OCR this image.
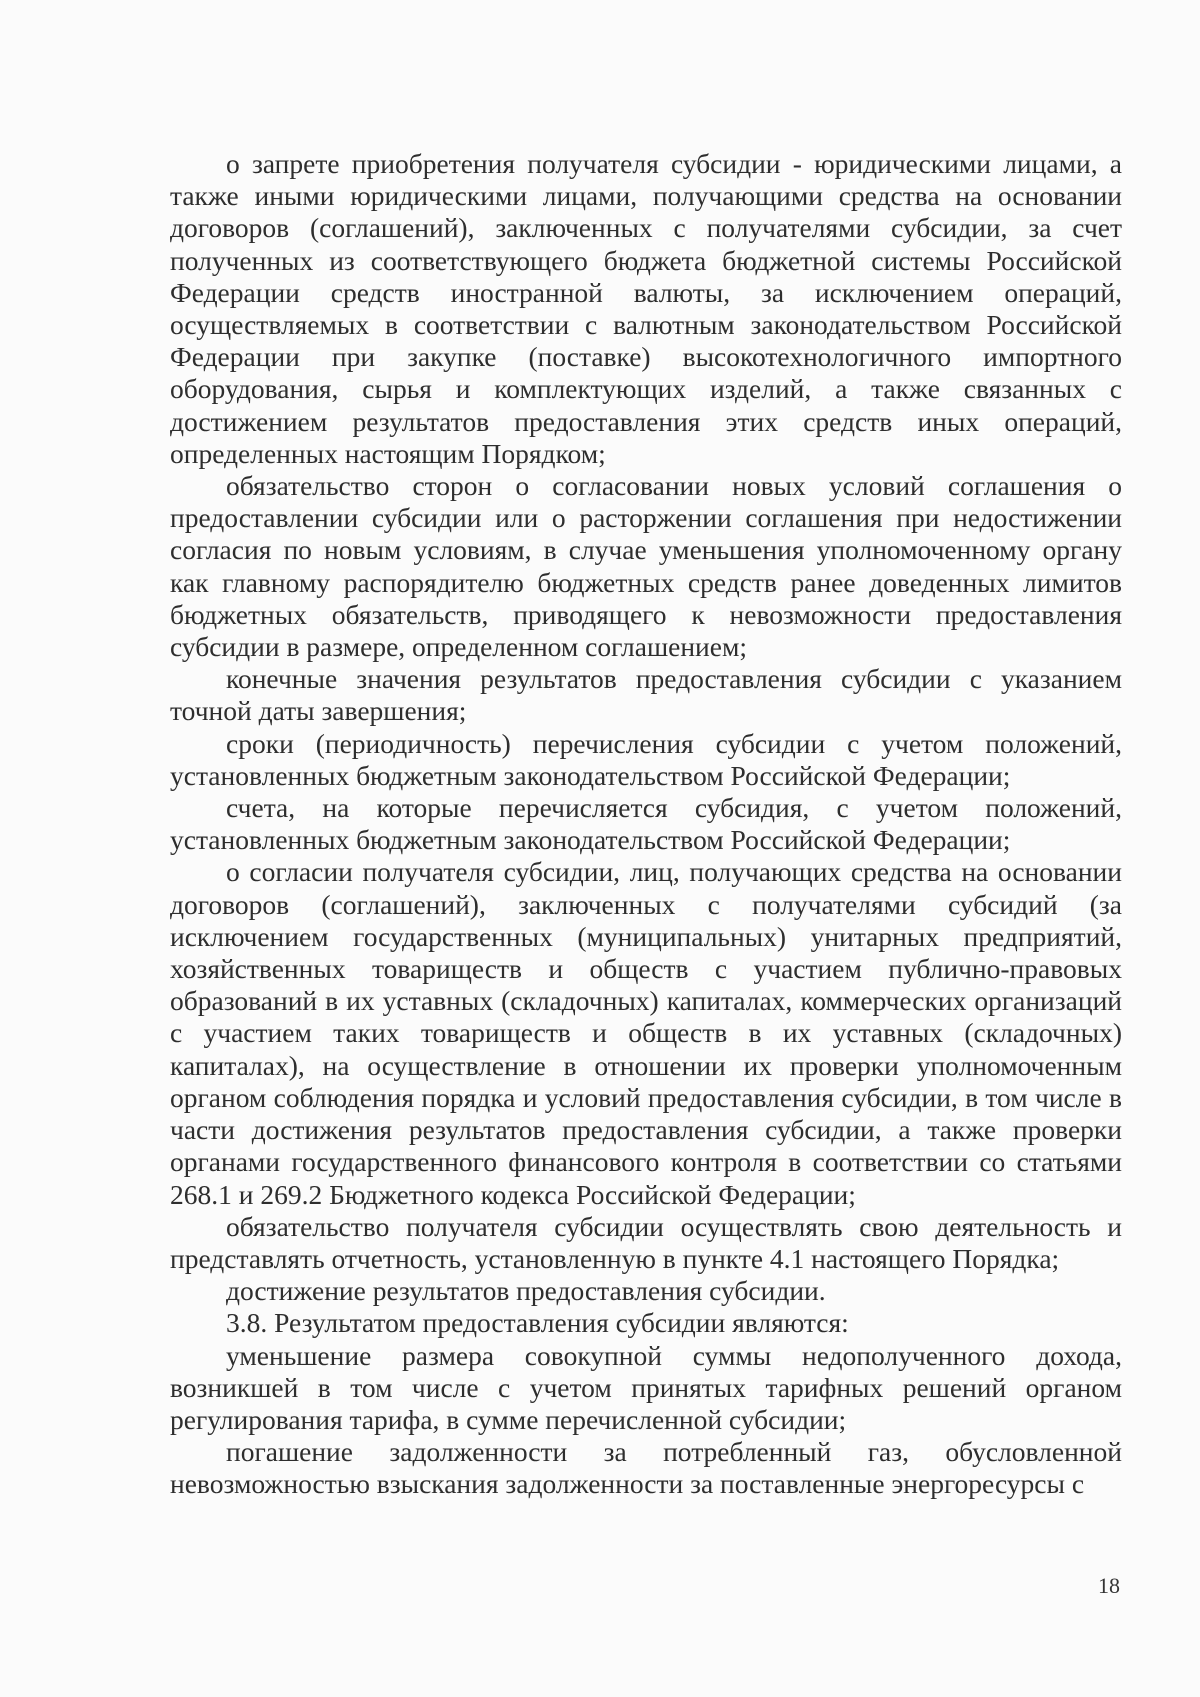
о запрете приобретения получателя субсидии - юридическими лицами, а также иными юридическими лицами, получающими средства на основании договоров (соглашений), заключенных с получателями субсидии, за счет полученных из соответствующего бюджета бюджетной системы Российской Федерации средств иностранной валюты, за исключением операций, осуществляемых в соответствии с валютным законодательством Российской Федерации при закупке (поставке) высокотехнологичного импортного оборудования, сырья и комплектующих изделий, а также связанных с достижением результатов предоставления этих средств иных операций, определенных настоящим Порядком;

обязательство сторон о согласовании новых условий соглашения о предоставлении субсидии или о расторжении соглашения при недостижении согласия по новым условиям, в случае уменьшения уполномоченному органу как главному распорядителю бюджетных средств ранее доведенных лимитов бюджетных обязательств, приводящего к невозможности предоставления субсидии в размере, определенном соглашением;

конечные значения результатов предоставления субсидии с указанием точной даты завершения;

сроки (периодичность) перечисления субсидии с учетом положений, установленных бюджетным законодательством Российской Федерации;

счета, на которые перечисляется субсидия, с учетом положений, установленных бюджетным законодательством Российской Федерации;

о согласии получателя субсидии, лиц, получающих средства на основании договоров (соглашений), заключенных с получателями субсидий (за исключением государственных (муниципальных) унитарных предприятий, хозяйственных товариществ и обществ с участием публично-правовых образований в их уставных (складочных) капиталах, коммерческих организаций с участием таких товариществ и обществ в их уставных (складочных) капиталах), на осуществление в отношении их проверки уполномоченным органом соблюдения порядка и условий предоставления субсидии, в том числе в части достижения результатов предоставления субсидии, а также проверки органами государственного финансового контроля в соответствии со статьями 268.1 и 269.2 Бюджетного кодекса Российской Федерации;

обязательство получателя субсидии осуществлять свою деятельность и представлять отчетность, установленную в пункте 4.1 настоящего Порядка;

достижение результатов предоставления субсидии.

3.8. Результатом предоставления субсидии являются:

уменьшение размера совокупной суммы недополученного дохода, возникшей в том числе с учетом принятых тарифных решений органом регулирования тарифа, в сумме перечисленной субсидии;

погашение задолженности за потребленный газ, обусловленной невозможностью взыскания задолженности за поставленные энергоресурсы с

18
